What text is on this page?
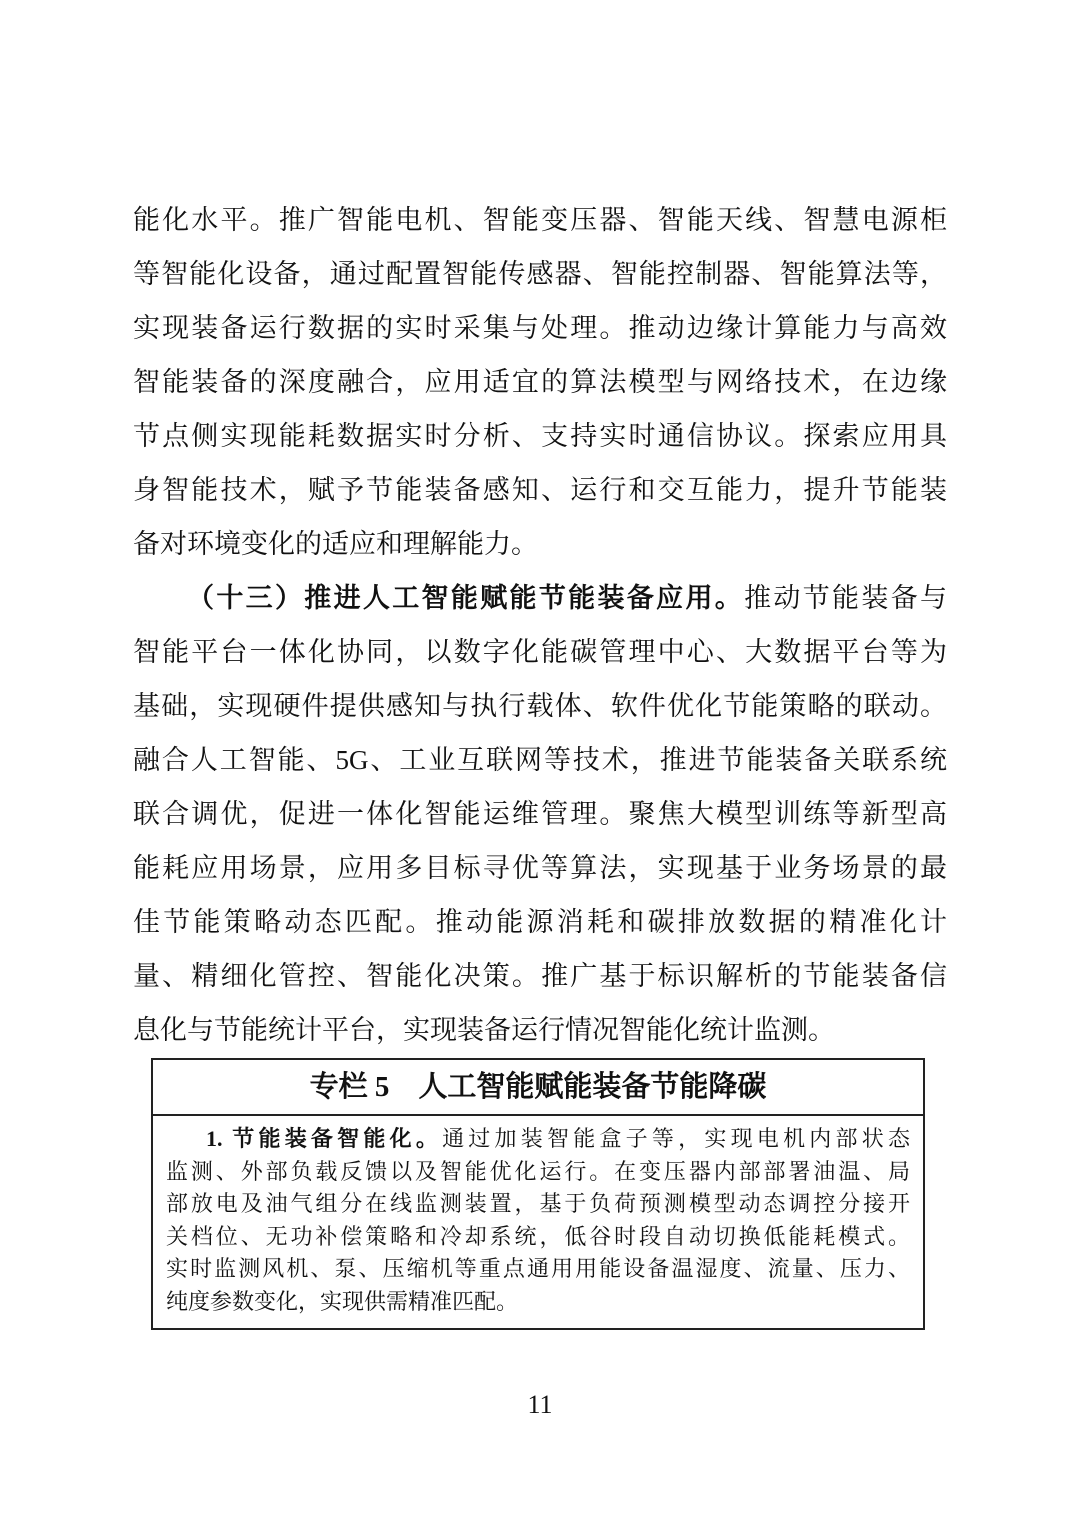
能化水平。推广智能电机、智能变压器、智能天线、智慧电源柜
等智能化设备，通过配置智能传感器、智能控制器、智能算法等，
实现装备运行数据的实时采集与处理。推动边缘计算能力与高效
智能装备的深度融合，应用适宜的算法模型与网络技术，在边缘
节点侧实现能耗数据实时分析、支持实时通信协议。探索应用具
身智能技术，赋予节能装备感知、运行和交互能力，提升节能装
备对环境变化的适应和理解能力。
（十三）推进人工智能赋能节能装备应用。推动节能装备与
智能平台一体化协同，以数字化能碳管理中心、大数据平台等为
基础，实现硬件提供感知与执行载体、软件优化节能策略的联动。
融合人工智能、5G、工业互联网等技术，推进节能装备关联系统
联合调优，促进一体化智能运维管理。聚焦大模型训练等新型高
能耗应用场景，应用多目标寻优等算法，实现基于业务场景的最
佳节能策略动态匹配。推动能源消耗和碳排放数据的精准化计
量、精细化管控、智能化决策。推广基于标识解析的节能装备信
息化与节能统计平台，实现装备运行情况智能化统计监测。
专栏 5　人工智能赋能装备节能降碳
1. 节能装备智能化。通过加装智能盒子等，实现电机内部状态
监测、外部负载反馈以及智能优化运行。在变压器内部部署油温、局
部放电及油气组分在线监测装置，基于负荷预测模型动态调控分接开
关档位、无功补偿策略和冷却系统，低谷时段自动切换低能耗模式。
实时监测风机、泵、压缩机等重点通用用能设备温湿度、流量、压力、
纯度参数变化，实现供需精准匹配。
11
